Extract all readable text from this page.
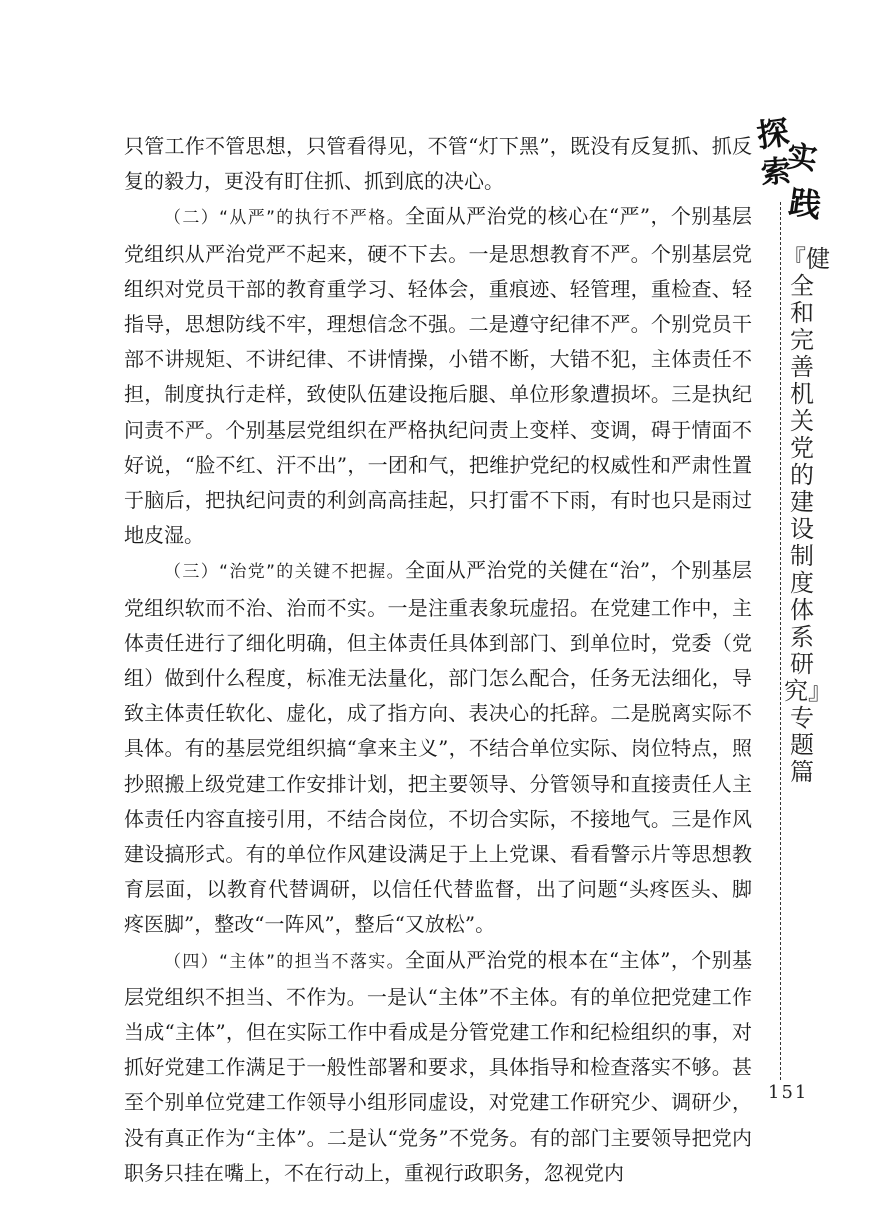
只管工作不管思想，只管看得见，不管“灯下黑”，既没有反复抓、抓反复的毅力，更没有盯住抓、抓到底的决心。

（二）“从严”的执行不严格。全面从严治党的核心在“严”，个别基层党组织从严治党严不起来，硬不下去。一是思想教育不严。个别基层党组织对党员干部的教育重学习、轻体会，重痕迹、轻管理，重检查、轻指导，思想防线不牢，理想信念不强。二是遵守纪律不严。个别党员干部不讲规矩、不讲纪律、不讲情操，小错不断，大错不犯，主体责任不担，制度执行走样，致使队伍建设拖后腿、单位形象遭损坏。三是执纪问责不严。个别基层党组织在严格执纪问责上变样、变调，碍于情面不好说，“脸不红、汗不出”，一团和气，把维护党纪的权威性和严肃性置于脑后，把执纪问责的利剑高高挂起，只打雷不下雨，有时也只是雨过地皮湿。

（三）“治党”的关键不把握。全面从严治党的关健在“治”，个别基层党组织软而不治、治而不实。一是注重表象玩虚招。在党建工作中，主体责任进行了细化明确，但主体责任具体到部门、到单位时，党委（党组）做到什么程度，标准无法量化，部门怎么配合，任务无法细化，导致主体责任软化、虚化，成了指方向、表决心的托辞。二是脱离实际不具体。有的基层党组织搞“拿来主义”，不结合单位实际、岗位特点，照抄照搬上级党建工作安排计划，把主要领导、分管领导和直接责任人主体责任内容直接引用，不结合岗位，不切合实际，不接地气。三是作风建设搞形式。有的单位作风建设满足于上上党课、看看警示片等思想教育层面，以教育代替调研，以信任代替监督，出了问题“头疼医头、脚疼医脚”，整改“一阵风”，整后“又放松”。

（四）“主体”的担当不落实。全面从严治党的根本在“主体”，个别基层党组织不担当、不作为。一是认“主体”不主体。有的单位把党建工作当成“主体”，但在实际工作中看成是分管党建工作和纪检组织的事，对抓好党建工作满足于一般性部署和要求，具体指导和检查落实不够。甚至个别单位党建工作领导小组形同虚设，对党建工作研究少、调研少，没有真正作为“主体”。二是认“党务”不党务。有的部门主要领导把党内职务只挂在嘴上，不在行动上，重视行政职务，忽视党内

探
实
索
践
『健全和完善机关党的建设制度体系研究』专题篇
151
